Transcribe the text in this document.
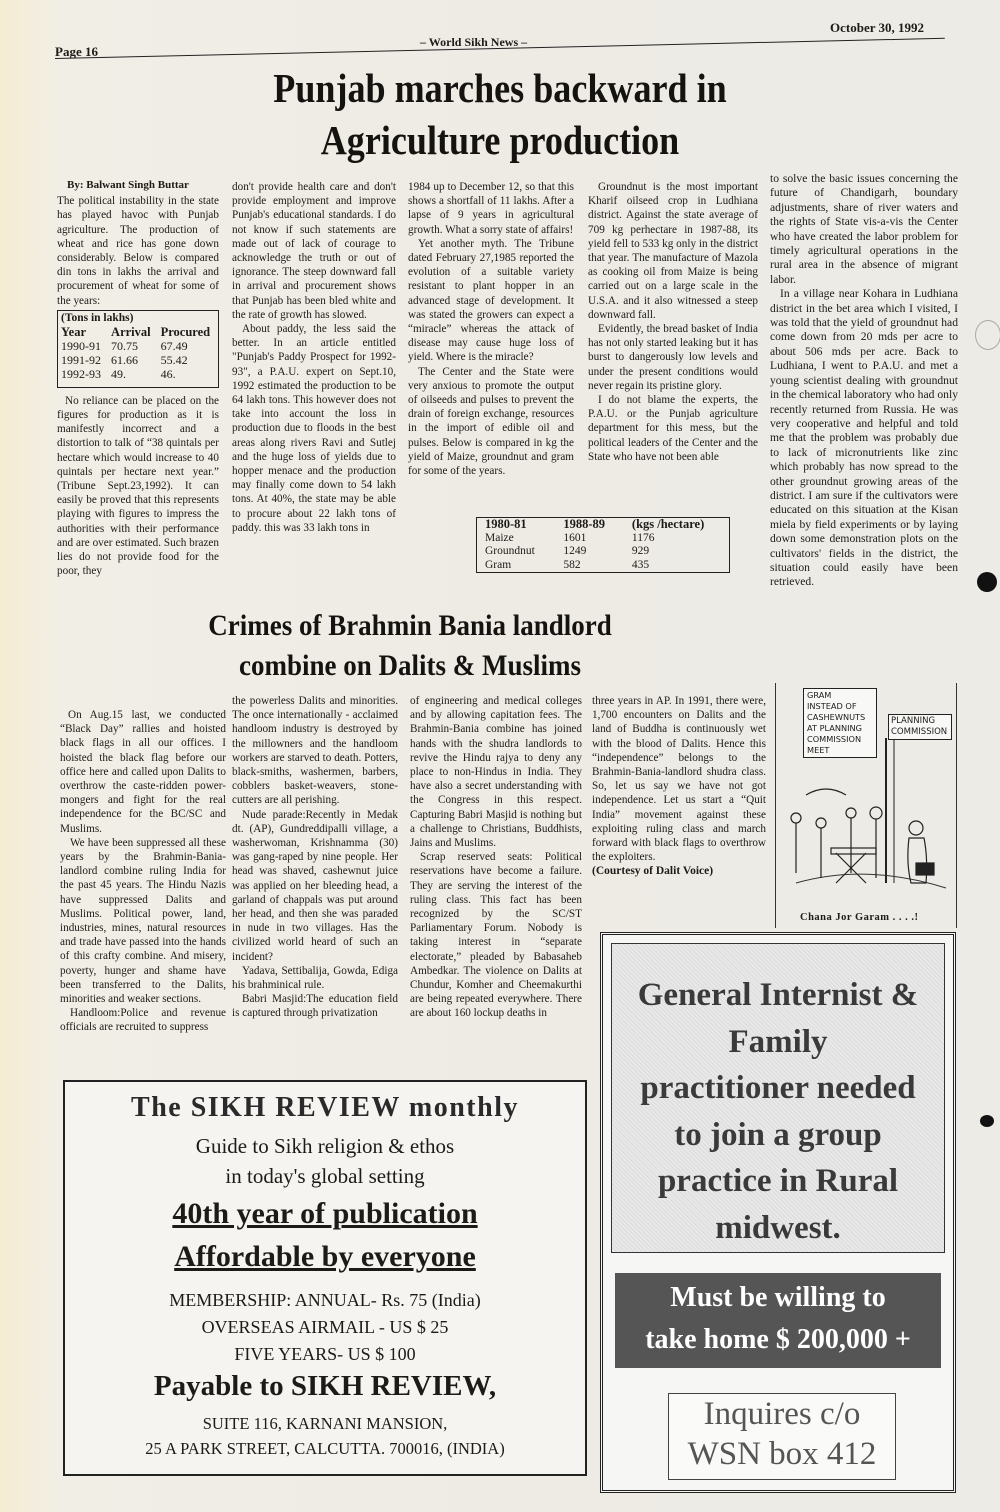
Page 16
– World Sikh News –
October 30, 1992
Punjab marches backward in
Agriculture production
By: Balwant Singh Buttar

The political instability in the state has played havoc with Punjab agriculture. The production of wheat and rice has gone down considerably. Below is compared din tons in lakhs the arrival and procurement of wheat for some of the years:

(Tons in lakhs)		
Year	Arrival	Procured
1990-91	70.75	67.49
1991-92	61.66	55.42
1992-93	49.	46.

No reliance can be placed on the figures for production as it is manifestly incorrect and a distortion to talk of “38 quintals per hectare which would increase to 40 quintals per hectare next year.” (Tribune Sept.23,1992). It can easily be proved that this represents playing with figures to impress the authorities with their performance and are over estimated. Such brazen lies do not provide food for the poor, they

don't provide health care and don't provide employment and improve Punjab's educational standards. I do not know if such statements are made out of lack of courage to acknowledge the truth or out of ignorance. The steep downward fall in arrival and procurement shows that Punjab has been bled white and the rate of growth has slowed.

About paddy, the less said the better. In an article entitled "Punjab's Paddy Prospect for 1992-93", a P.A.U. expert on Sept.10, 1992 estimated the production to be 64 lakh tons. This however does not take into account the loss in production due to floods in the best areas along rivers Ravi and Sutlej and the huge loss of yields due to hopper menace and the production may finally come down to 54 lakh tons. At 40%, the state may be able to procure about 22 lakh tons of paddy. this was 33 lakh tons in

1984 up to December 12, so that this shows a shortfall of 11 lakhs. After a lapse of 9 years in agricultural growth. What a sorry state of affairs!

Yet another myth. The Tribune dated February 27,1985 reported the evolution of a suitable variety resistant to plant hopper in an advanced stage of development. It was stated the growers can expect a “miracle” whereas the attack of disease may cause huge loss of yield. Where is the miracle?

The Center and the State were very anxious to promote the output of oilseeds and pulses to prevent the drain of foreign exchange, resources in the import of edible oil and pulses. Below is compared in kg the yield of Maize, groundnut and gram for some of the years.

Groundnut is the most important Kharif oilseed crop in Ludhiana district. Against the state average of 709 kg perhectare in 1987-88, its yield fell to 533 kg only in the district that year. The manufacture of Mazola as cooking oil from Maize is being carried out on a large scale in the U.S.A. and it also witnessed a steep downward fall.

Evidently, the bread basket of India has not only started leaking but it has burst to dangerously low levels and under the present conditions would never regain its pristine glory.

I do not blame the experts, the P.A.U. or the Punjab agriculture department for this mess, but the political leaders of the Center and the State who have not been able

1980-81	1988-89	(kgs /hectare)
Maize	1601	1176
Groundnut	1249	929
Gram	582	435

to solve the basic issues concerning the future of Chandigarh, boundary adjustments, share of river waters and the rights of State vis-a-vis the Center who have created the labor problem for timely agricultural operations in the rural area in the absence of migrant labor.

In a village near Kohara in Ludhiana district in the bet area which I visited, I was told that the yield of groundnut had come down from 20 mds per acre to about 506 mds per acre. Back to Ludhiana, I went to P.A.U. and met a young scientist dealing with groundnut in the chemical laboratory who had only recently returned from Russia. He was very cooperative and helpful and told me that the problem was probably due to lack of micronutrients like zinc which probably has now spread to the other groundnut growing areas of the district. I am sure if the cultivators were educated on this situation at the Kisan miela by field experiments or by laying down some demonstration plots on the cultivators' fields in the district, the situation could easily have been retrieved.

Crimes of Brahmin Bania landlord
combine on Dalits & Muslims

On Aug.15 last, we conducted “Black Day” rallies and hoisted black flags in all our offices. I hoisted the black flag before our office here and called upon Dalits to overthrow the caste-ridden power-mongers and fight for the real independence for the BC/SC and Muslims.

We have been suppressed all these years by the Brahmin-Bania-landlord combine ruling India for the past 45 years. The Hindu Nazis have suppressed Dalits and Muslims. Political power, land, industries, mines, natural resources and trade have passed into the hands of this crafty combine. And misery, poverty, hunger and shame have been transferred to the Dalits, minorities and weaker sections.

Handloom:Police and revenue officials are recruited to suppress

the powerless Dalits and minorities. The once internationally - acclaimed handloom industry is destroyed by the millowners and the handloom workers are starved to death. Potters, black-smiths, washermen, barbers, cobblers basket-weavers, stone-cutters are all perishing.

Nude parade:Recently in Medak dt. (AP), Gundreddipalli village, a washerwoman, Krishnamma (30) was gang-raped by nine people. Her head was shaved, cashewnut juice was applied on her bleeding head, a garland of chappals was put around her head, and then she was paraded in nude in two villages. Has the civilized world heard of such an incident?

Yadava, Settibalija, Gowda, Ediga his brahminical rule.

Babri Masjid:The education field is captured through privatization

of engineering and medical colleges and by allowing capitation fees. The Brahmin-Bania combine has joined hands with the shudra landlords to revive the Hindu rajya to deny any place to non-Hindus in India. They have also a secret understanding with the Congress in this respect. Capturing Babri Masjid is nothing but a challenge to Christians, Buddhists, Jains and Muslims.

Scrap reserved seats: Political reservations have become a failure. They are serving the interest of the ruling class. This fact has been recognized by the SC/ST Parliamentary Forum. Nobody is taking interest in “separate electorate,” pleaded by Babasaheb Ambedkar. The violence on Dalits at Chundur, Komher and Cheemakurthi are being repeated everywhere. There are about 160 lockup deaths in

three years in AP. In 1991, there were, 1,700 encounters on Dalits and the land of Buddha is continuously wet with the blood of Dalits. Hence this “independence” belongs to the Brahmin-Bania-landlord shudra class. So, let us say we have not got independence. Let us start a “Quit India” movement against these exploiting ruling class and march forward with black flags to overthrow the exploiters.

(Courtesy of Dalit Voice)
GRAM
INSTEAD OF
CASHEWNUTS
AT PLANNING
COMMISSION
MEET
PLANNING
COMMISSION
Chana Jor Garam . . . .!
The SIKH REVIEW monthly
Guide to Sikh religion & ethos
in today's global setting
40th year of publication
Affordable by everyone
MEMBERSHIP: ANNUAL- Rs. 75 (India)
OVERSEAS AIRMAIL - US $ 25
FIVE YEARS- US $ 100
Payable to SIKH REVIEW,
SUITE 116, KARNANI MANSION,
25 A PARK STREET, CALCUTTA. 700016, (INDIA)
General Internist &
Family
practitioner needed
to join a group
practice in Rural
midwest.
Must be willing to
take home $ 200,000 +
Inquires c/o
WSN box 412
